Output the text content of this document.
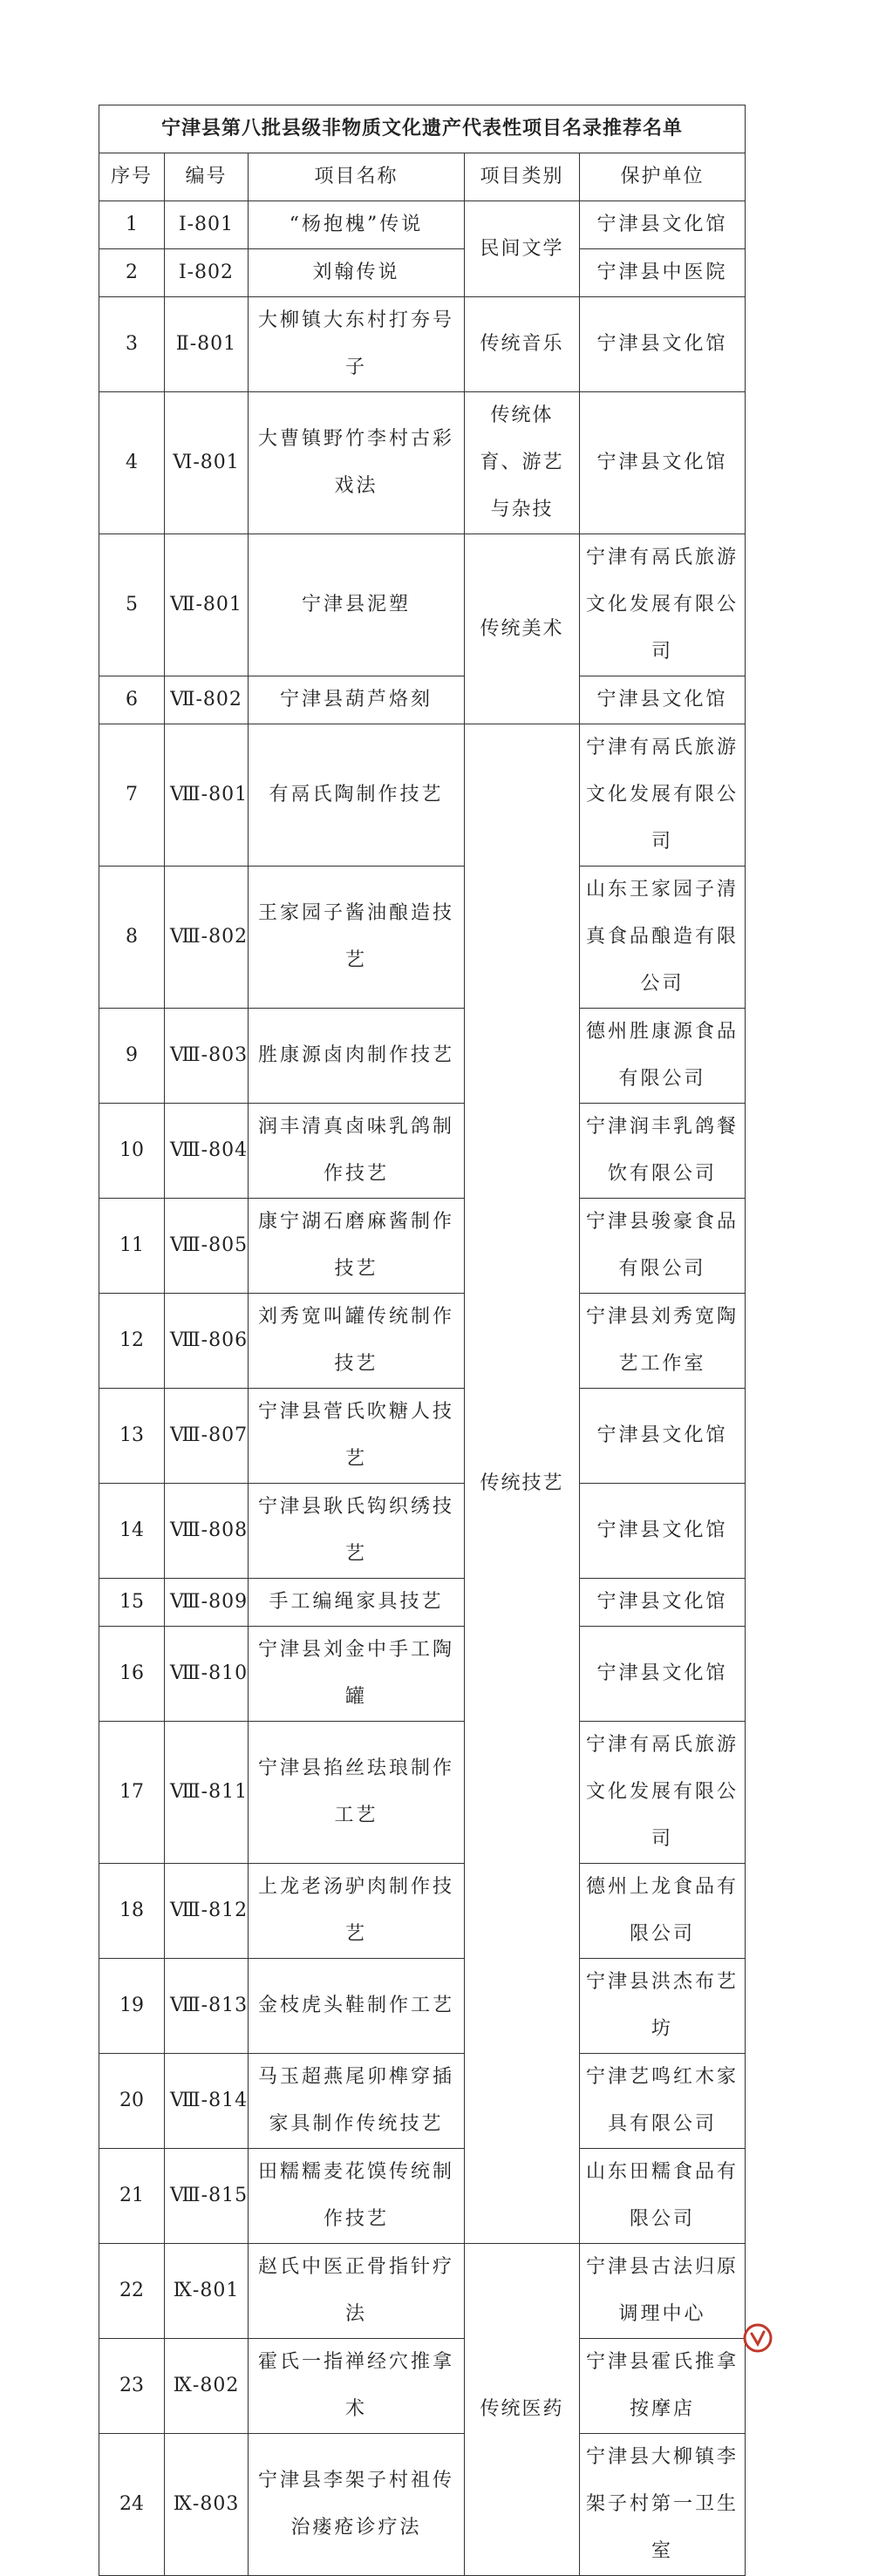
宁津县第八批县级非物质文化遗产代表性项目名录推荐名单				
序号	编号	项目名称	项目类别	保护单位
1	Ⅰ-801	“杨抱槐”传说	民间文学	宁津县文化馆
2	Ⅰ-802	刘翰传说		宁津县中医院
3	Ⅱ-801	大柳镇大东村打夯号子	传统音乐	宁津县文化馆
4	Ⅵ-801	大曹镇野竹李村古彩戏法	传统体育、游艺与杂技	宁津县文化馆
5	Ⅶ-801	宁津县泥塑	传统美术	宁津有鬲氏旅游文化发展有限公司
6	Ⅶ-802	宁津县葫芦烙刻		宁津县文化馆
7	Ⅷ-801	有鬲氏陶制作技艺	传统技艺	宁津有鬲氏旅游文化发展有限公司
8	Ⅷ-802	王家园子酱油酿造技艺		山东王家园子清真食品酿造有限公司
9	Ⅷ-803	胜康源卤肉制作技艺		德州胜康源食品有限公司
10	Ⅷ-804	润丰清真卤味乳鸽制作技艺		宁津润丰乳鸽餐饮有限公司
11	Ⅷ-805	康宁湖石磨麻酱制作技艺		宁津县骏豪食品有限公司
12	Ⅷ-806	刘秀宽叫罐传统制作技艺		宁津县刘秀宽陶艺工作室
13	Ⅷ-807	宁津县菅氏吹糖人技艺		宁津县文化馆
14	Ⅷ-808	宁津县耿氏钩织绣技艺		宁津县文化馆
15	Ⅷ-809	手工编绳家具技艺		宁津县文化馆
16	Ⅷ-810	宁津县刘金中手工陶罐		宁津县文化馆
17	Ⅷ-811	宁津县掐丝珐琅制作工艺		宁津有鬲氏旅游文化发展有限公司
18	Ⅷ-812	上龙老汤驴肉制作技艺		德州上龙食品有限公司
19	Ⅷ-813	金枝虎头鞋制作工艺		宁津县洪杰布艺坊
20	Ⅷ-814	马玉超燕尾卯榫穿插家具制作传统技艺		宁津艺鸣红木家具有限公司
21	Ⅷ-815	田糯糯麦花馍传统制作技艺		山东田糯食品有限公司
22	Ⅸ-801	赵氏中医正骨指针疗法	传统医药	宁津县古法归原调理中心
23	Ⅸ-802	霍氏一指禅经穴推拿术		宁津县霍氏推拿按摩店
24	Ⅸ-803	宁津县李架子村祖传治瘘疮诊疗法		宁津县大柳镇李架子村第一卫生室
